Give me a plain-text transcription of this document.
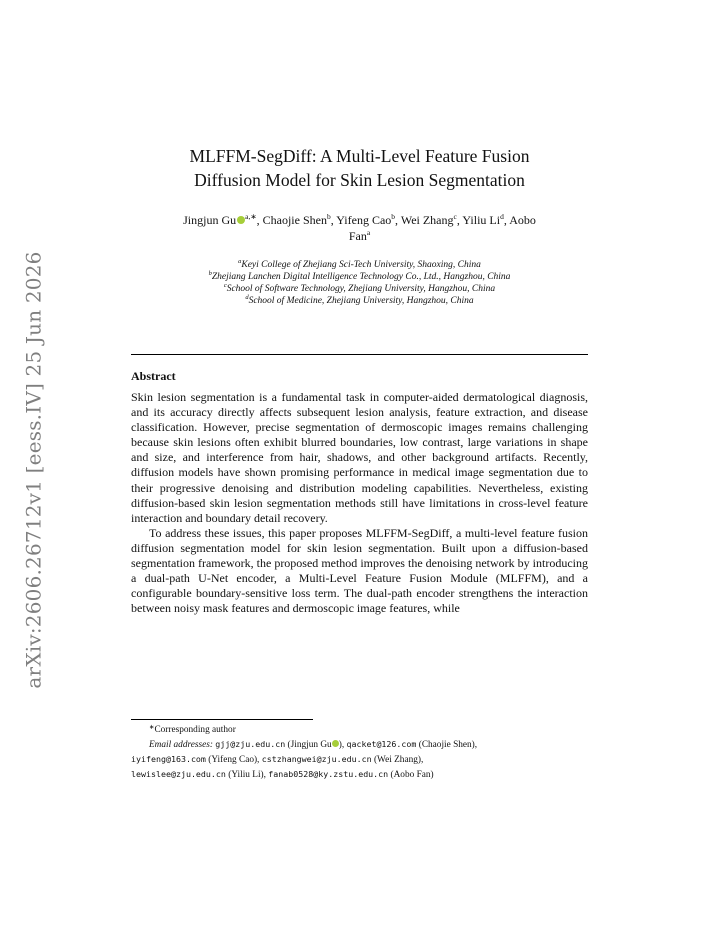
arXiv:2606.26712v1 [eess.IV] 25 Jun 2026
MLFFM-SegDiff: A Multi-Level Feature Fusion
Diffusion Model for Skin Lesion Segmentation
Jingjun Gu $^{a,∗}$, Chaojie Shen$^b$, Yifeng Cao$^b$, Wei Zhang$^c$, Yiliu Li$^d$, Aobo
Fan$^a$
$^a$Keyi College of Zhejiang Sci-Tech University, Shaoxing, China
$^b$Zhejiang Lanchen Digital Intelligence Technology Co., Ltd., Hangzhou, China
$^c$School of Software Technology, Zhejiang University, Hangzhou, China
$^d$School of Medicine, Zhejiang University, Hangzhou, China
Abstract

Skin lesion segmentation is a fundamental task in computer-aided dermatological diagnosis, and its accuracy directly affects subsequent lesion analysis, feature extraction, and disease classification. However, precise segmentation of dermoscopic images remains challenging because skin lesions often exhibit blurred boundaries, low contrast, large variations in shape and size, and interference from hair, shadows, and other background artifacts. Recently, diffusion models have shown promising performance in medical image segmentation due to their progressive denoising and distribution modeling capabilities. Nevertheless, existing diffusion-based skin lesion segmentation methods still have limitations in cross-level feature interaction and boundary detail recovery.

To address these issues, this paper proposes MLFFM-SegDiff, a multi-level feature fusion diffusion segmentation model for skin lesion segmentation. Built upon a diffusion-based segmentation framework, the proposed method improves the denoising network by introducing a dual-path U-Net encoder, a Multi-Level Feature Fusion Module (MLFFM), and a configurable boundary-sensitive loss term. The dual-path encoder strengthens the interaction between noisy mask features and dermoscopic image features, while

∗Corresponding author
Email addresses: gjj@zju.edu.cn (Jingjun Gu ), qacket@126.com (Chaojie Shen),
iyifeng@163.com (Yifeng Cao), cstzhangwei@zju.edu.cn (Wei Zhang),
lewislee@zju.edu.cn (Yiliu Li), fanab0528@ky.zstu.edu.cn (Aobo Fan)
